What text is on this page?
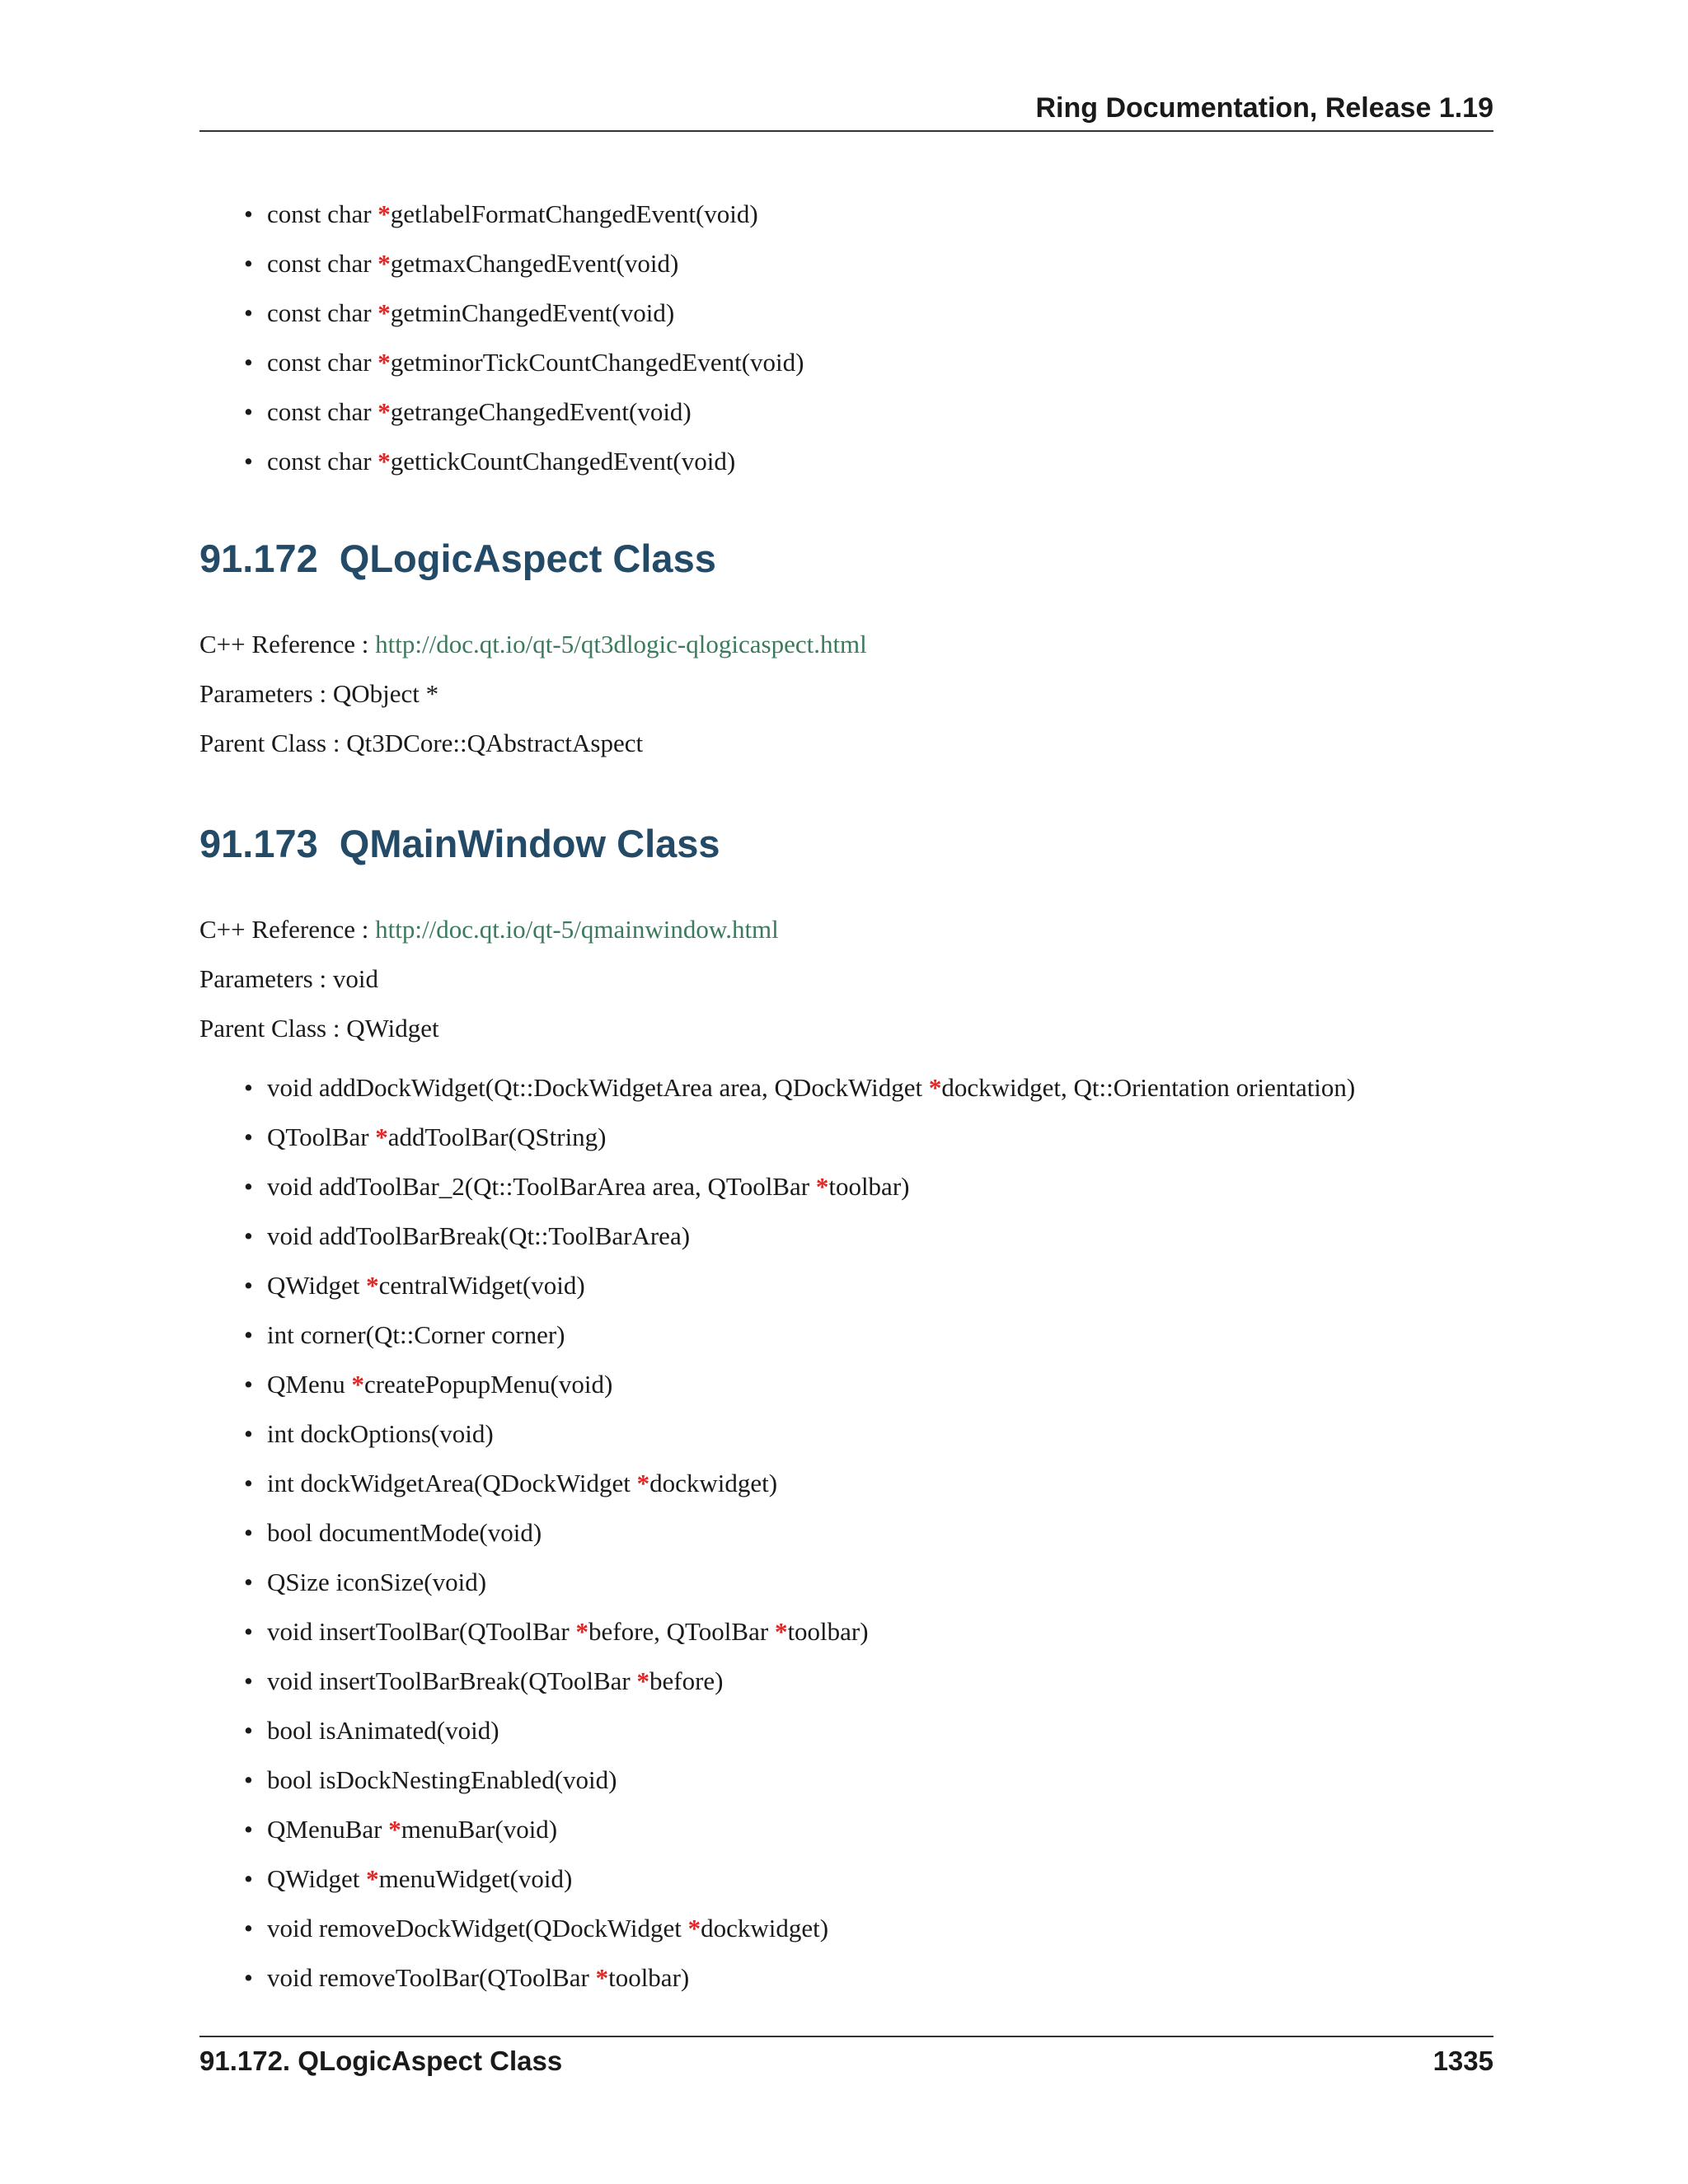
Ring Documentation, Release 1.19
• const char *getlabelFormatChangedEvent(void)
• const char *getmaxChangedEvent(void)
• const char *getminChangedEvent(void)
• const char *getminorTickCountChangedEvent(void)
• const char *getrangeChangedEvent(void)
• const char *gettickCountChangedEvent(void)
91.172 QLogicAspect Class
C++ Reference : http://doc.qt.io/qt-5/qt3dlogic-qlogicaspect.html
Parameters : QObject *
Parent Class : Qt3DCore::QAbstractAspect
91.173 QMainWindow Class
C++ Reference : http://doc.qt.io/qt-5/qmainwindow.html
Parameters : void
Parent Class : QWidget
• void addDockWidget(Qt::DockWidgetArea area, QDockWidget *dockwidget, Qt::Orientation orientation)
• QToolBar *addToolBar(QString)
• void addToolBar_2(Qt::ToolBarArea area, QToolBar *toolbar)
• void addToolBarBreak(Qt::ToolBarArea)
• QWidget *centralWidget(void)
• int corner(Qt::Corner corner)
• QMenu *createPopupMenu(void)
• int dockOptions(void)
• int dockWidgetArea(QDockWidget *dockwidget)
• bool documentMode(void)
• QSize iconSize(void)
• void insertToolBar(QToolBar *before, QToolBar *toolbar)
• void insertToolBarBreak(QToolBar *before)
• bool isAnimated(void)
• bool isDockNestingEnabled(void)
• QMenuBar *menuBar(void)
• QWidget *menuWidget(void)
• void removeDockWidget(QDockWidget *dockwidget)
• void removeToolBar(QToolBar *toolbar)
91.172. QLogicAspect Class	1335
